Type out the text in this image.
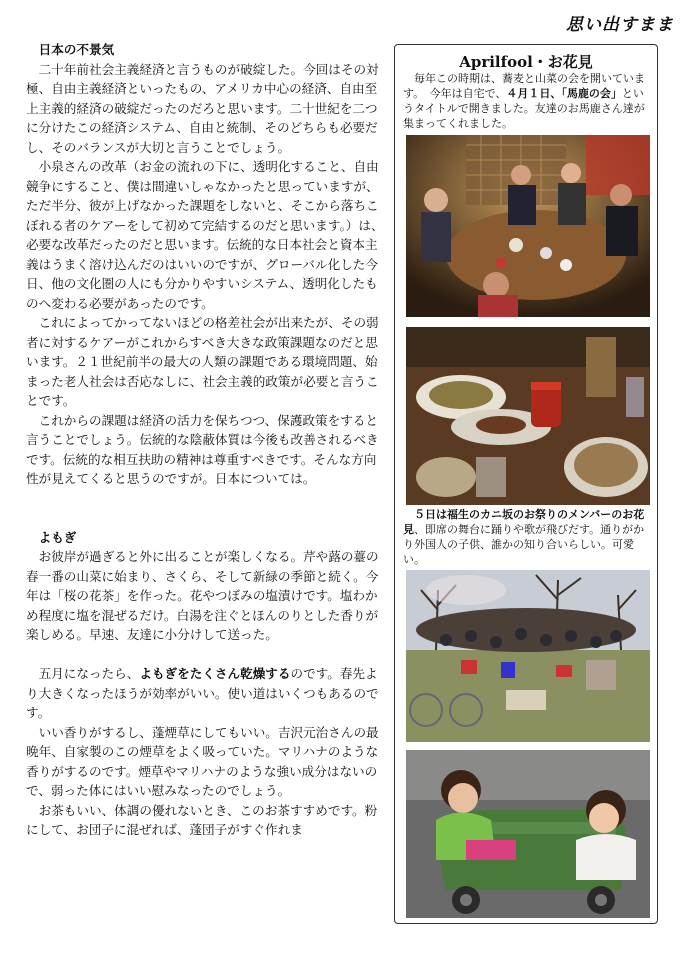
思い出すまま
日本の不景気

二十年前社会主義経済と言うものが破綻した。今回はその対極、自由主義経済といったもの、アメリカ中心の経済、自由至上主義的経済の破綻だったのだろと思います。二十世紀を二つに分けたこの経済システム、自由と統制、そのどちらも必要だし、そのバランスが大切と言うことでしょう。

小泉さんの改革（お金の流れの下に、透明化すること、自由競争にすること、僕は間違いしゃなかったと思っていますが、ただ半分、彼が上げなかった課題をしないと、そこから落ちこぼれる者のケアーをして初めて完結するのだと思います。）は、必要な改革だったのだと思います。伝統的な日本社会と資本主義はうまく溶け込んだのはいいのですが、グローバル化した今日、他の文化圏の人にも分かりやすいシステム、透明化したものへ変わる必要があったのです。

これによってかってないほどの格差社会が出来たが、その弱者に対するケアーがこれからすべき大きな政策課題なのだと思います。２１世紀前半の最大の人類の課題である環境問題、始まった老人社会は否応なしに、社会主義的政策が必要と言うことです。

これからの課題は経済の活力を保ちつつ、保護政策をすると言うことでしょう。伝統的な陰蔽体質は今後も改善されるべきです。伝統的な相互扶助の精神は尊重すべきです。そんな方向性が見えてくると思うのですが。日本については。

よもぎ

お彼岸が過ぎると外に出ることが楽しくなる。芹や蕗の薹の春一番の山菜に始まり、さくら、そして新緑の季節と続く。今年は「桜の花茶」を作った。花やつぼみの塩漬けです。塩わかめ程度に塩を混ぜるだけ。白湯を注ぐとほんのりとした香りが楽しめる。早速、友達に小分けして送った。

五月になったら、よもぎをたくさん乾燥するのです。春先より大きくなったほうが効率がいい。使い道はいくつもあるのです。

いい香りがするし、蓬煙草にしてもいい。吉沢元治さんの最晩年、自家製のこの煙草をよく吸っていた。マリハナのような香りがするのです。煙草やマリハナのような強い成分はないので、弱った体にはいい慰みなったのでしょう。

お茶もいい、体調の優れないとき、このお茶すすめです。粉にして、お団子に混ぜれば、蓬団子がすぐ作れま

Aprilfool・お花見

毎年この時期は、蕎麦と山菜の会を開いています。　今年は自宅で、４月１日、「馬鹿の会」というタイトルで開きました。友達のお馬鹿さん達が集まってくれました。

５日は福生のカニ坂のお祭りのメンバーのお花見、即席の舞台に踊りや歌が飛びだす。通りがかり外国人の子供、誰かの知り合いらしい。可愛い。
